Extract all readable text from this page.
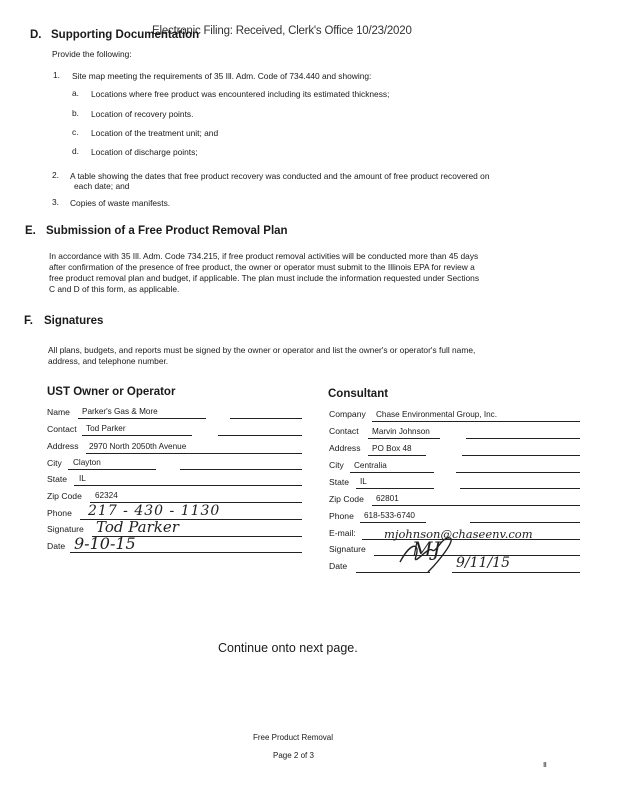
Electronic Filing: Received, Clerk's Office 10/23/2020
D. Supporting Documentation
Provide the following:
1. Site map meeting the requirements of 35 Ill. Adm. Code of 734.440 and showing:
a. Locations where free product was encountered including its estimated thickness;
b. Location of recovery points.
c. Location of the treatment unit; and
d. Location of discharge points;
2. A table showing the dates that free product recovery was conducted and the amount of free product recovered on
each date; and
3. Copies of waste manifests.
E. Submission of a Free Product Removal Plan
In accordance with 35 Ill. Adm. Code 734.215, if free product removal activities will be conducted more than 45 days
after confirmation of the presence of free product, the owner or operator must submit to the Illinois EPA for review a
free product removal plan and budget, if applicable. The plan must include the information requested under Sections
C and D of this form, as applicable.
F. Signatures
All plans, budgets, and reports must be signed by the owner or operator and list the owner's or operator's full name,
address, and telephone number.
UST Owner or Operator
Name Parker's Gas & More
Contact Tod Parker
Address 2970 North 2050th Avenue
City Clayton
State IL
Zip Code 62324
Phone 217 - 430 - 1130
Signature Tod Parker
Date 9-10-15
Consultant
Company Chase Environmental Group, Inc.
Contact Marvin Johnson
Address PO Box 48
City Centralia
State IL
Zip Code 62801
Phone 618-533-6740
E-mail: mjohnson@chaseenv.com
Signature MJ
Date	9/11/15
Continue onto next page.
Free Product Removal
Page 2 of 3
III
